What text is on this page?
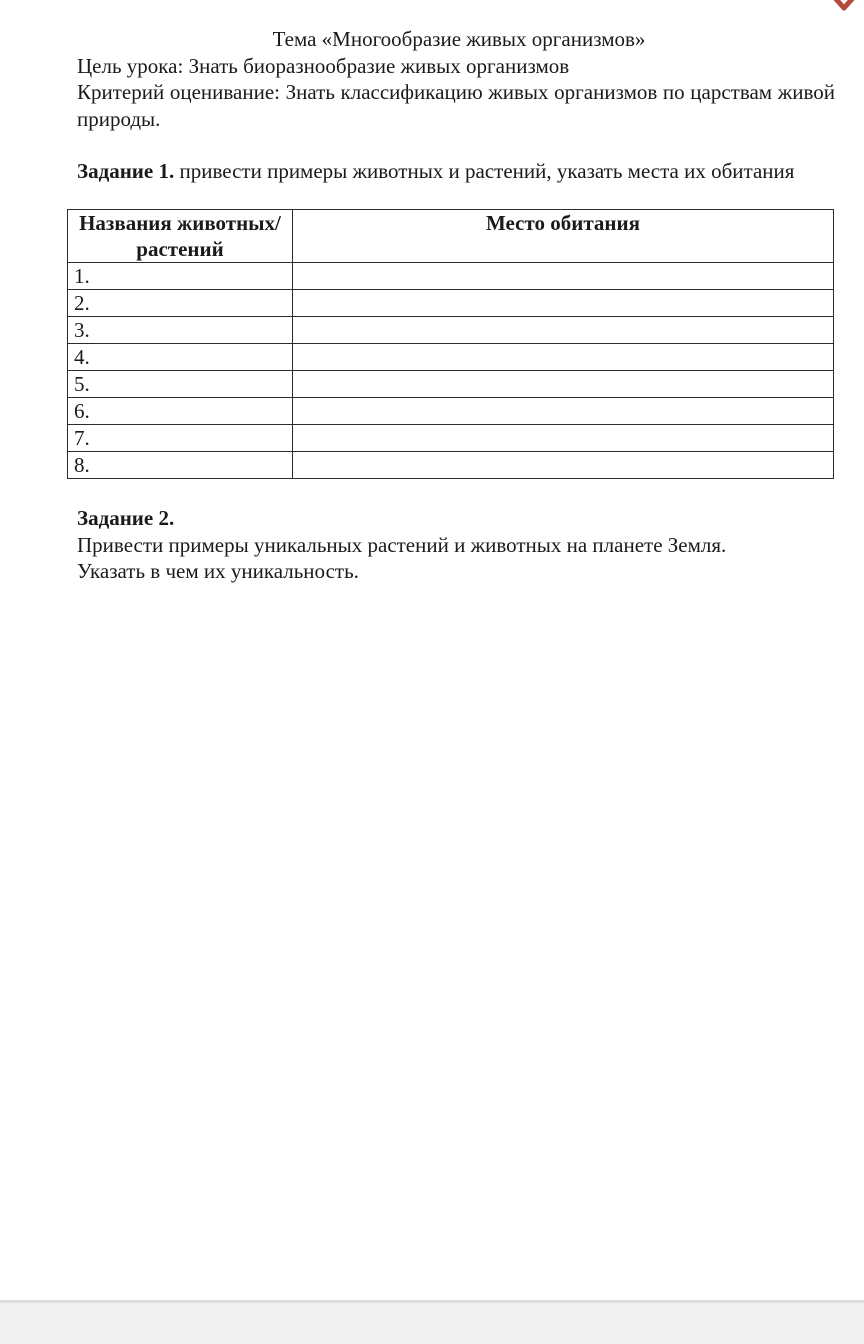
Тема «Многообразие живых организмов»

Цель урока: Знать биоразнообразие живых организмов

Критерий оценивание: Знать классификацию живых организмов по царствам живой природы.

Задание 1. привести примеры животных и растений, указать места их обитания

Названия животных/растений	Место обитания
1.	
2.	
3.	
4.	
5.	
6.	
7.	
8.	

Задание 2.

Привести примеры уникальных растений и животных на планете Земля.

Указать в чем их уникальность.
